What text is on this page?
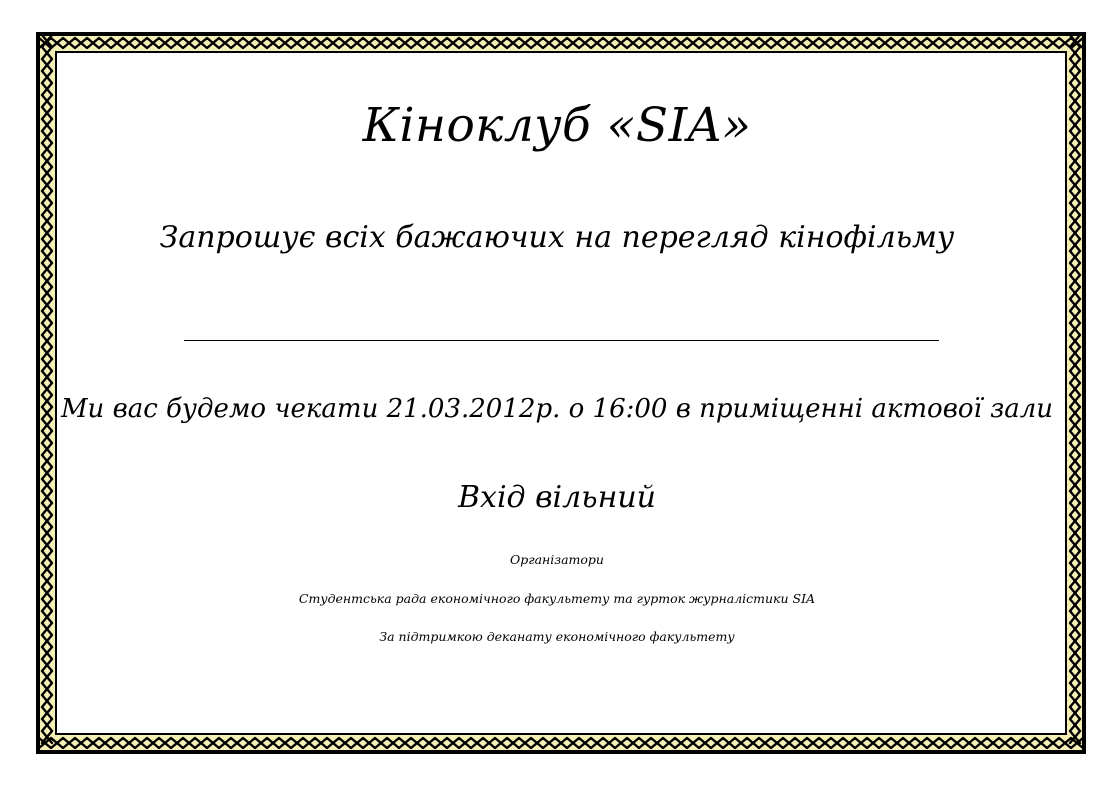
Кіноклуб «SIA»
Запрошує всіх бажаючих на перегляд кінофільму
Ми вас будемо чекати 21.03.2012р. о 16:00 в приміщенні актової зали
Вхід вільний
Організатори
Студентська рада економічного факультету та гурток журналістики SIA
За підтримкою деканату економічного факультету
